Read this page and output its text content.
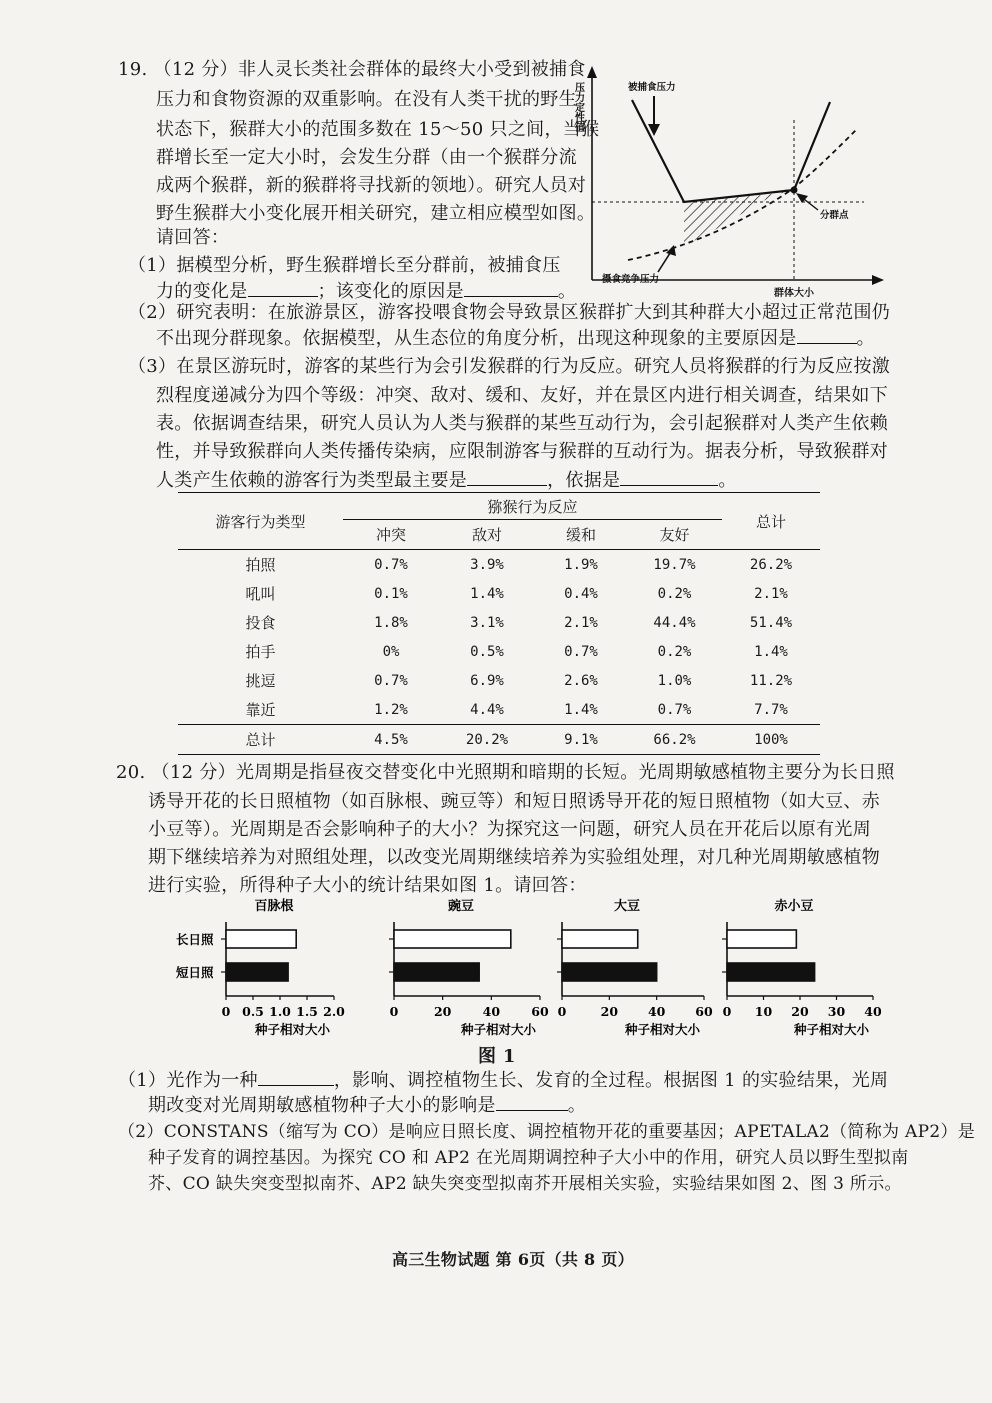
19. （12 分）非人灵长类社会群体的最终大小受到被捕食
压力和食物资源的双重影响。在没有人类干扰的野生
状态下，猴群大小的范围多数在 15～50 只之间，当猴
群增长至一定大小时，会发生分群（由一个猴群分流
成两个猴群，新的猴群将寻找新的领地）。研究人员对
野生猴群大小变化展开相关研究，建立相应模型如图。
请回答：
（1）据模型分析，野生猴群增长至分群前，被捕食压
力的变化是	；该变化的原因是	。
（2）研究表明：在旅游景区，游客投喂食物会导致景区猴群扩大到其种群大小超过正常范围仍
不出现分群现象。依据模型，从生态位的角度分析，出现这种现象的主要原因是	。
（3）在景区游玩时，游客的某些行为会引发猴群的行为反应。研究人员将猴群的行为反应按激
烈程度递减分为四个等级：冲突、敌对、缓和、友好，并在景区内进行相关调查，结果如下
表。依据调查结果，研究人员认为人类与猴群的某些互动行为，会引起猴群对人类产生依赖
性，并导致猴群向人类传播传染病，应限制游客与猴群的互动行为。据表分析，导致猴群对
人类产生依赖的游客行为类型最主要是	，依据是	。
压力定性值
群体大小
被捕食压力
摄食竞争压力
分群点
游客行为类型	猕猴行为反应				总计
	冲突	敌对	缓和	友好	
拍照	0.7%	3.9%	1.9%	19.7%	26.2%
吼叫	0.1%	1.4%	0.4%	0.2%	2.1%
投食	1.8%	3.1%	2.1%	44.4%	51.4%
拍手	0%	0.5%	0.7%	0.2%	1.4%
挑逗	0.7%	6.9%	2.6%	1.0%	11.2%
靠近	1.2%	4.4%	1.4%	0.7%	7.7%
总计	4.5%	20.2%	9.1%	66.2%	100%
20. （12 分）光周期是指昼夜交替变化中光照期和暗期的长短。光周期敏感植物主要分为长日照
诱导开花的长日照植物（如百脉根、豌豆等）和短日照诱导开花的短日照植物（如大豆、赤
小豆等）。光周期是否会影响种子的大小？为探究这一问题，研究人员在开花后以原有光周
期下继续培养为对照组处理，以改变光周期继续培养为实验组处理，对几种光周期敏感植物
进行实验，所得种子大小的统计结果如图 1。请回答：
百脉根
0 0.5 1.0 1.5 2.0
种子相对大小
豌豆
0	20	40	60
种子相对大小
大豆
0	20 40 60
种子相对大小
赤小豆
0 10 20 30 40
种子相对大小
长日照
短日照
图 1
（1）光作为一种	，影响、调控植物生长、发育的全过程。根据图 1 的实验结果，光周
期改变对光周期敏感植物种子大小的影响是	。
（2）CONSTANS（缩写为 CO）是响应日照长度、调控植物开花的重要基因；APETALA2（简称为 AP2）是
种子发育的调控基因。为探究 CO 和 AP2 在光周期调控种子大小中的作用，研究人员以野生型拟南
芥、CO 缺失突变型拟南芥、AP2 缺失突变型拟南芥开展相关实验，实验结果如图 2、图 3 所示。
高三生物试题 第 6页（共 8 页）
